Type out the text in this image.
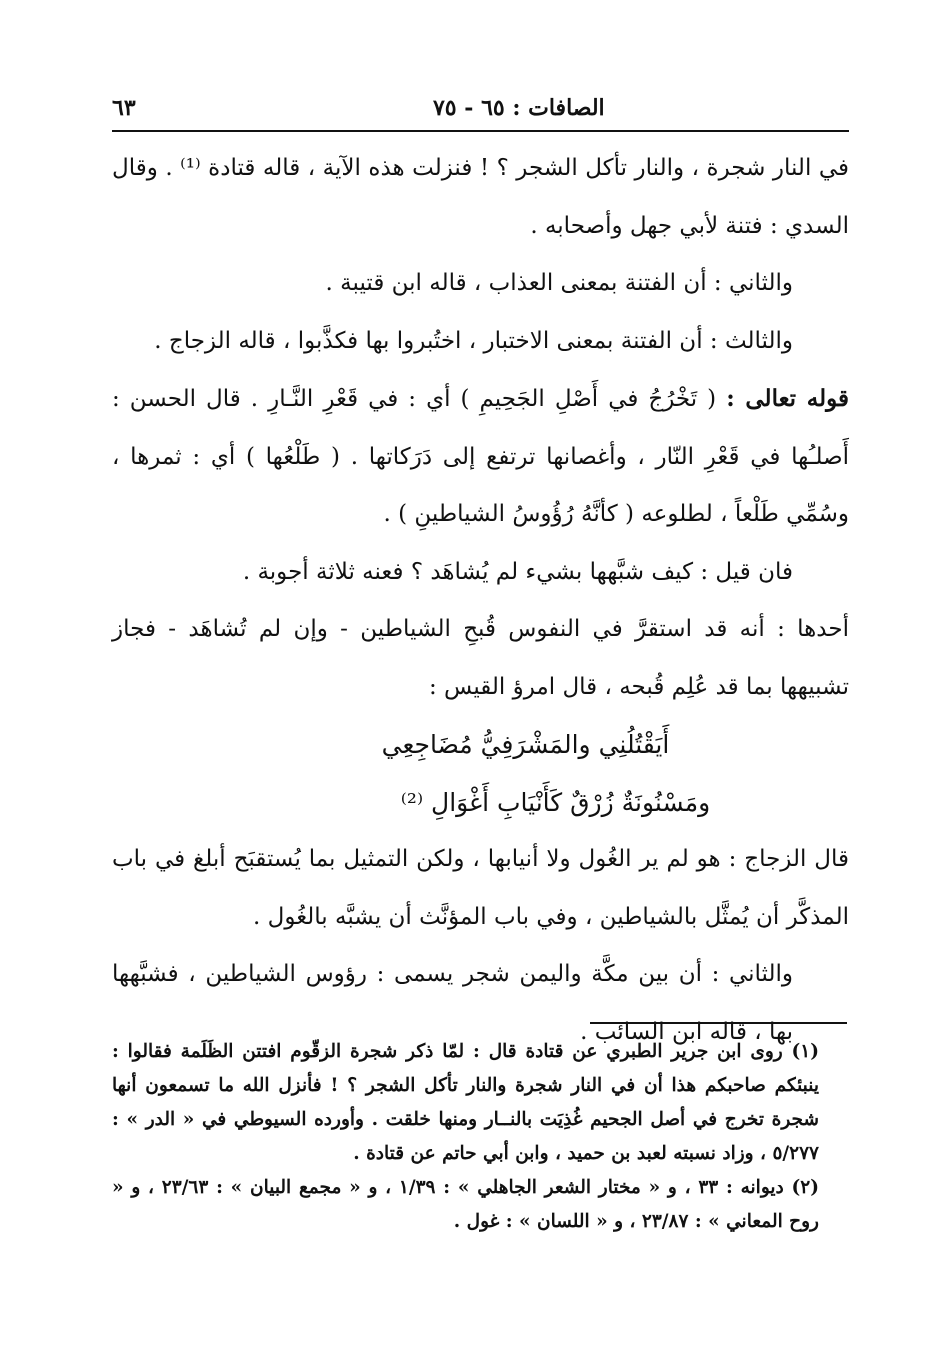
الصافات : ٦٥ - ٧٥
٦٣

في النار شجرة ، والنار تأكل الشجر ؟ ! فنزلت هذه الآية ، قاله قتادة ⁽¹⁾ . وقال السدي : فتنة لأبي جهل وأصحابه .

والثاني : أن الفتنة بمعنى العذاب ، قاله ابن قتيبة .

والثالث : أن الفتنة بمعنى الاختبار ، اختُبروا بها فكذَّبوا ، قاله الزجاج .

قوله تعالى : ( تَخْرُجُ في أَصْلِ الجَحِيمِ ) أي : في قَعْرِ النَّـارِ . قال الحسن : أَصلـُها في قَعْرِ النّار ، وأغصانها ترتفع إلى دَرَكاتها . ( طَلْعُها ) أي : ثمرها ، وسُمِّي طَلْعاً ، لطلوعه ( كأنَّهُ رُؤُوسُ الشياطينِ ) .

فان قيل : كيف شبَّهها بشيء لم يُشاهَد ؟ فعنه ثلاثة أجوبة .

أحدها : أنه قد استقرَّ في النفوس قُبحِ الشياطين - وإن لم تُشاهَد - فجاز تشبيهها بما قد عُلِم قُبحه ، قال امرؤ القيس :

أَيَقْتُلُنِي والمَشْرَفِيُّ مُضَاجِعِي

ومَسْنُونَةٌ زُرْقٌ كَأَنْيَابِ أَغْوَالِ ⁽²⁾

قال الزجاج : هو لم ير الغُول ولا أنيابها ، ولكن التمثيل بما يُستقبَح أبلغ في باب المذكَّر أن يُمثَّل بالشياطين ، وفي باب المؤنَّث أن يشبَّه بالغُول .

والثاني : أن بين مكَّة واليمن شجر يسمى : رؤوس الشياطين ، فشبَّهها بها ، قاله ابن السائب .

(١) روى ابن جرير الطبري عن قتادة قال : لمّا ذكر شجرة الزقّوم افتتن الظَلَمة فقالوا : ينبئكم صاحبكم هذا أن في النار شجرة والنار تأكل الشجر ؟ ! فأنزل الله ما تسمعون أنها شجرة تخرج في أصل الجحيم غُذِيَت بالنــار ومنها خلقت . وأورده السيوطي في « الدر » : ٥/٢٧٧ ، وزاد نسبته لعبد بن حميد ، وابن أبي حاتم عن قتادة .

(٢) ديوانه : ٣٣ ، و « مختار الشعر الجاهلي » : ١/٣٩ ، و « مجمع البيان » : ٢٣/٦٣ ، و « روح المعاني » : ٢٣/٨٧ ، و « اللسان » : غول .
